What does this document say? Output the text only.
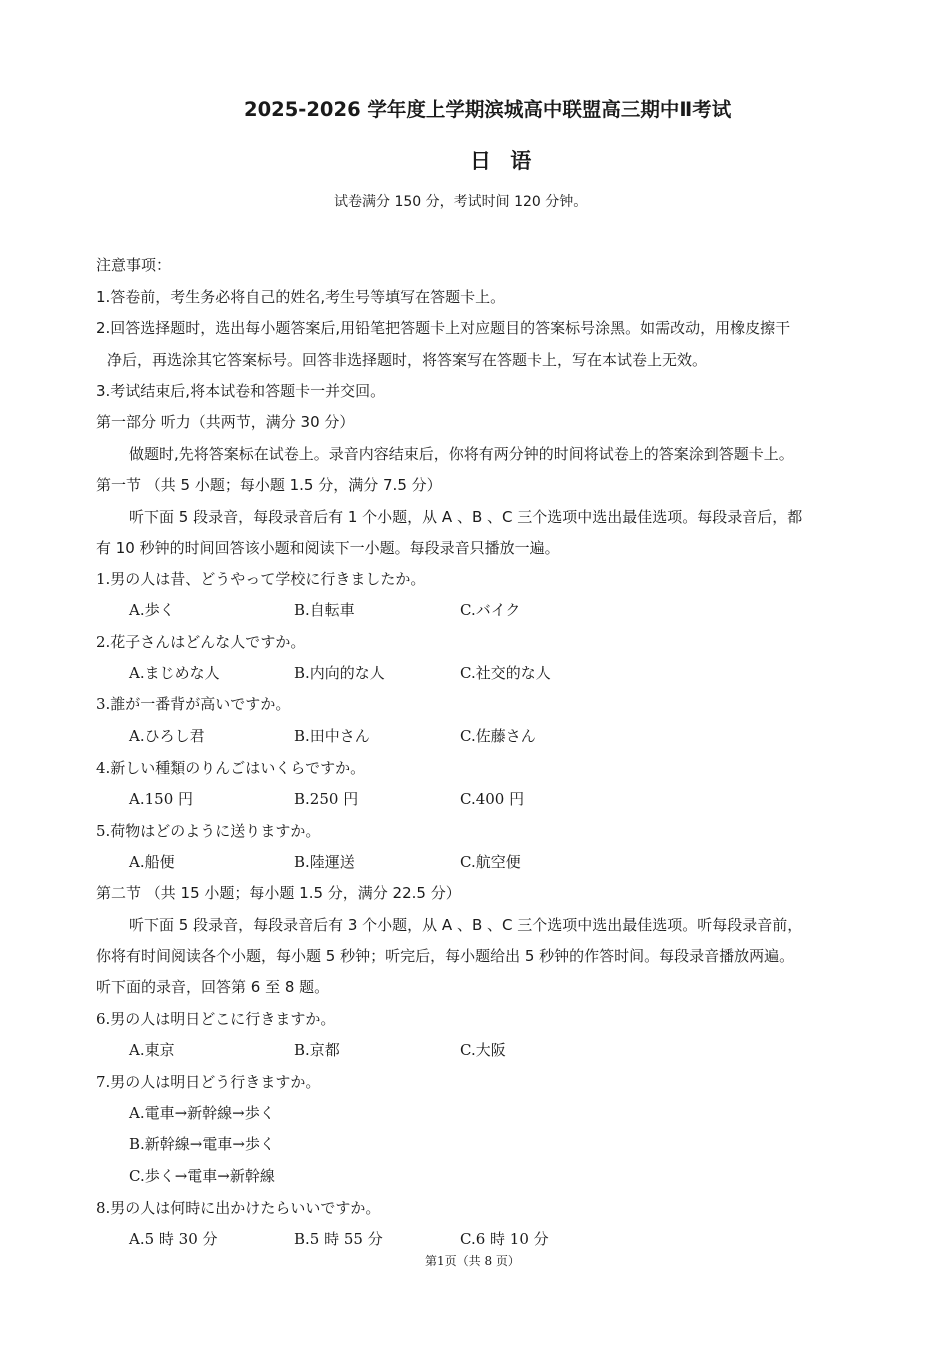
2025-2026 学年度上学期滨城高中联盟高三期中Ⅱ考试
日 语
试卷满分 150 分，考试时间 120 分钟。
注意事项：
1.答卷前，考生务必将自己的姓名,考生号等填写在答题卡上。
2.回答选择题时，选出每小题答案后,用铅笔把答题卡上对应题目的答案标号涂黑。如需改动，用橡皮擦干
净后，再选涂其它答案标号。回答非选择题时，将答案写在答题卡上，写在本试卷上无效。
3.考试结束后,将本试卷和答题卡一并交回。
第一部分 听力（共两节，满分 30 分）
做题时,先将答案标在试卷上。录音内容结束后，你将有两分钟的时间将试卷上的答案涂到答题卡上。
第一节 （共 5 小题；每小题 1.5 分，满分 7.5 分）
听下面 5 段录音，每段录音后有 1 个小题，从 A 、B 、C 三个选项中选出最佳选项。每段录音后，都
有 10 秒钟的时间回答该小题和阅读下一小题。每段录音只播放一遍。
1.男の人は昔、どうやって学校に行きましたか。
A.歩く	B.自転車	C.バイク
2.花子さんはどんな人ですか。
A.まじめな人	B.内向的な人	C.社交的な人
3.誰が一番背が高いですか。
A.ひろし君	B.田中さん	C.佐藤さん
4.新しい種類のりんごはいくらですか。
A.150 円	B.250 円	C.400 円
5.荷物はどのように送りますか。
A.船便	B.陸運送	C.航空便
第二节 （共 15 小题；每小题 1.5 分，满分 22.5 分）
听下面 5 段录音，每段录音后有 3 个小题，从 A 、B 、C 三个选项中选出最佳选项。听每段录音前，
你将有时间阅读各个小题，每小题 5 秒钟；听完后，每小题给出 5 秒钟的作答时间。每段录音播放两遍。
听下面的录音，回答第 6 至 8 题。
6.男の人は明日どこに行きますか。
A.東京	B.京都	C.大阪
7.男の人は明日どう行きますか。
A.電車→新幹線→歩く
B.新幹線→電車→歩く
C.歩く→電車→新幹線
8.男の人は何時に出かけたらいいですか。
A.5 時 30 分	B.5 時 55 分	C.6 時 10 分
第1页（共 8 页）
